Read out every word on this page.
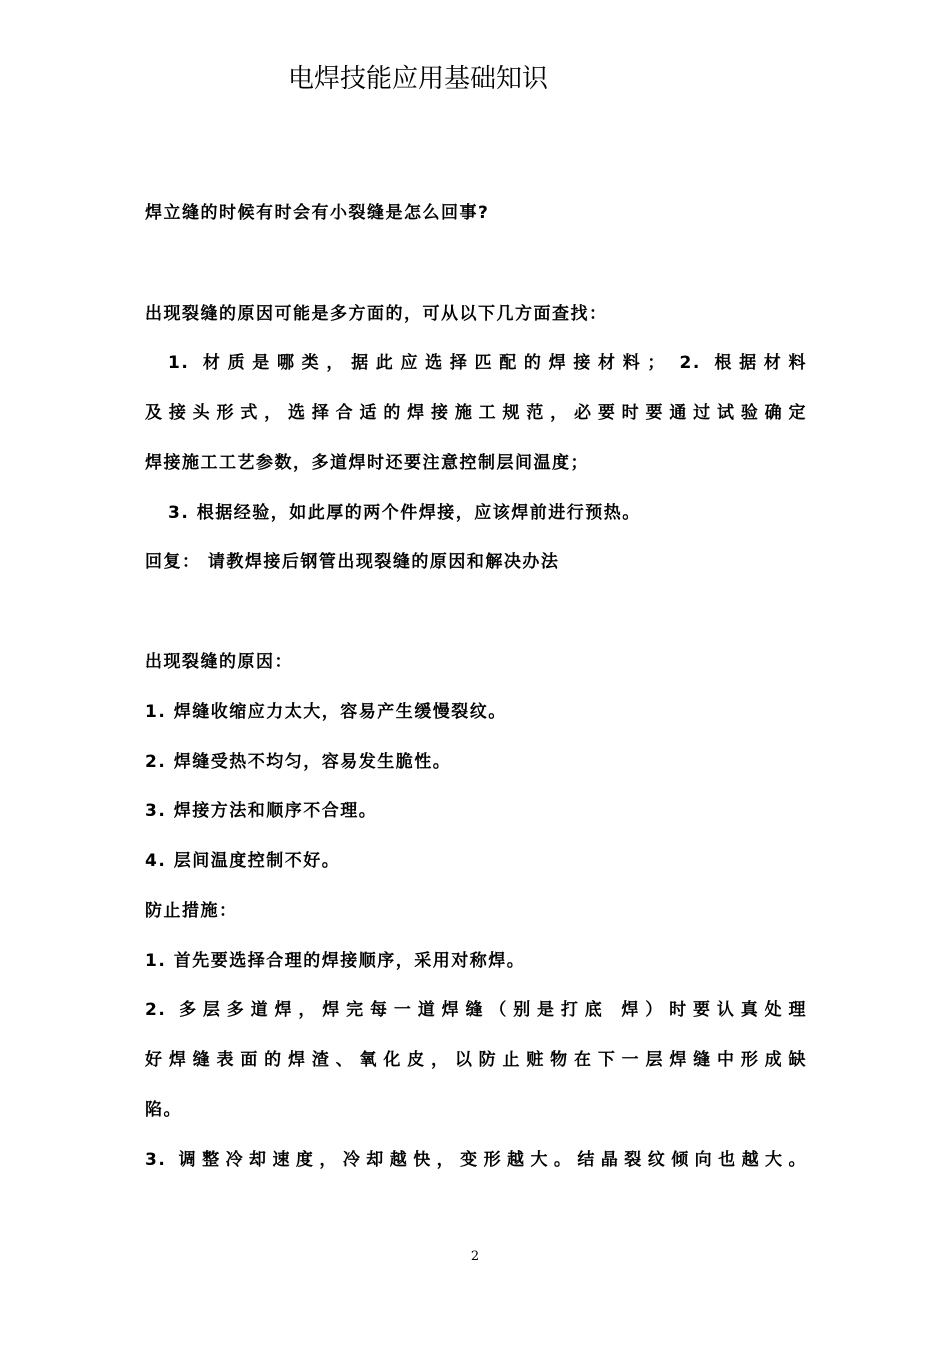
电焊技能应用基础知识
焊立缝的时候有时会有小裂缝是怎么回事?
出现裂缝的原因可能是多方面的，可从以下几方面查找：
1. 材质是哪类，据此应选择匹配的焊接材料； 2. 根据材料
及接头形式，选择合适的焊接施工规范，必要时要通过试验确定
焊接施工工艺参数，多道焊时还要注意控制层间温度；
3. 根据经验，如此厚的两个件焊接，应该焊前进行预热。
回复： 请教焊接后钢管出现裂缝的原因和解决办法
出现裂缝的原因：
1. 焊缝收缩应力太大，容易产生缓慢裂纹。
2. 焊缝受热不均匀，容易发生脆性。
3. 焊接方法和顺序不合理。
4. 层间温度控制不好。
防止措施：
1. 首先要选择合理的焊接顺序，采用对称焊。
2. 多层多道焊，焊完每一道焊缝（别是打底 焊）时要认真处理
好焊缝表面的焊渣、氧化皮，以防止赃物在下一层焊缝中形成缺
陷。
3. 调整冷却速度，冷却越快，变形越大。结晶裂纹倾向也越大。
2
